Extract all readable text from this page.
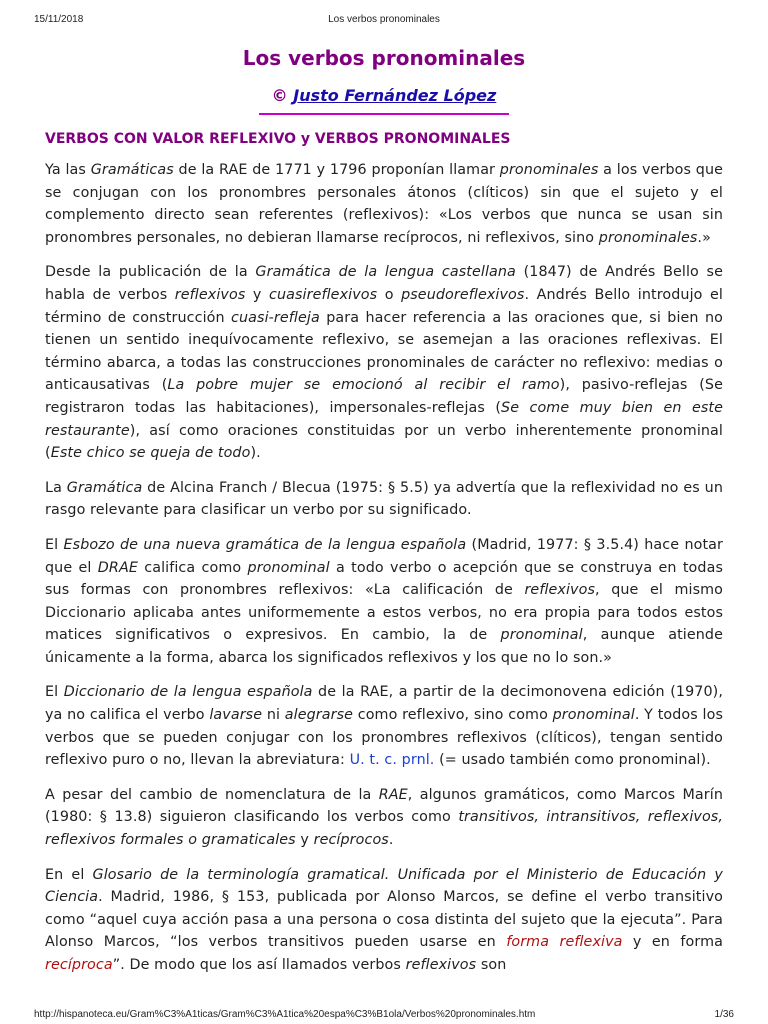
15/11/2018	Los verbos pronominales
Los verbos pronominales
© Justo Fernández López
VERBOS CON VALOR REFLEXIVO y VERBOS PRONOMINALES

Ya las Gramáticas de la RAE de 1771 y 1796 proponían llamar pronominales a los verbos que se conjugan con los pronombres personales átonos (clíticos) sin que el sujeto y el complemento directo sean referentes (reflexivos): «Los verbos que nunca se usan sin pronombres personales, no debieran llamarse recíprocos, ni reflexivos, sino pronominales.»

Desde la publicación de la Gramática de la lengua castellana (1847) de Andrés Bello se habla de verbos reflexivos y cuasireflexivos o pseudoreflexivos. Andrés Bello introdujo el término de construcción cuasi-refleja para hacer referencia a las oraciones que, si bien no tienen un sentido inequívocamente reflexivo, se asemejan a las oraciones reflexivas. El término abarca, a todas las construcciones pronominales de carácter no reflexivo: medias o anticausativas (La pobre mujer se emocionó al recibir el ramo), pasivo-reflejas (Se registraron todas las habitaciones), impersonales-reflejas (Se come muy bien en este restaurante), así como oraciones constituidas por un verbo inherentemente pronominal (Este chico se queja de todo).

La Gramática de Alcina Franch / Blecua (1975: § 5.5) ya advertía que la reflexividad no es un rasgo relevante para clasificar un verbo por su significado.

El Esbozo de una nueva gramática de la lengua española (Madrid, 1977: § 3.5.4) hace notar que el DRAE califica como pronominal a todo verbo o acepción que se construya en todas sus formas con pronombres reflexivos: «La calificación de reflexivos, que el mismo Diccionario aplicaba antes uniformemente a estos verbos, no era propia para todos estos matices significativos o expresivos. En cambio, la de pronominal, aunque atiende únicamente a la forma, abarca los significados reflexivos y los que no lo son.»

El Diccionario de la lengua española de la RAE, a partir de la decimonovena edición (1970), ya no califica el verbo lavarse ni alegrarse como reflexivo, sino como pronominal. Y todos los verbos que se pueden conjugar con los pronombres reflexivos (clíticos), tengan sentido reflexivo puro o no, llevan la abreviatura: U. t. c. prnl. (= usado también como pronominal).

A pesar del cambio de nomenclatura de la RAE, algunos gramáticos, como Marcos Marín (1980: § 13.8) siguieron clasificando los verbos como transitivos, intransitivos, reflexivos, reflexivos formales o gramaticales y recíprocos.

En el Glosario de la terminología gramatical. Unificada por el Ministerio de Educación y Ciencia. Madrid, 1986, § 153, publicada por Alonso Marcos, se define el verbo transitivo como “aquel cuya acción pasa a una persona o cosa distinta del sujeto que la ejecuta”. Para Alonso Marcos, “los verbos transitivos pueden usarse en forma reflexiva y en forma recíproca”. De modo que los así llamados verbos reflexivos son

http://hispanoteca.eu/Gram%C3%A1ticas/Gram%C3%A1tica%20espa%C3%B1ola/Verbos%20pronominales.htm	1/36
